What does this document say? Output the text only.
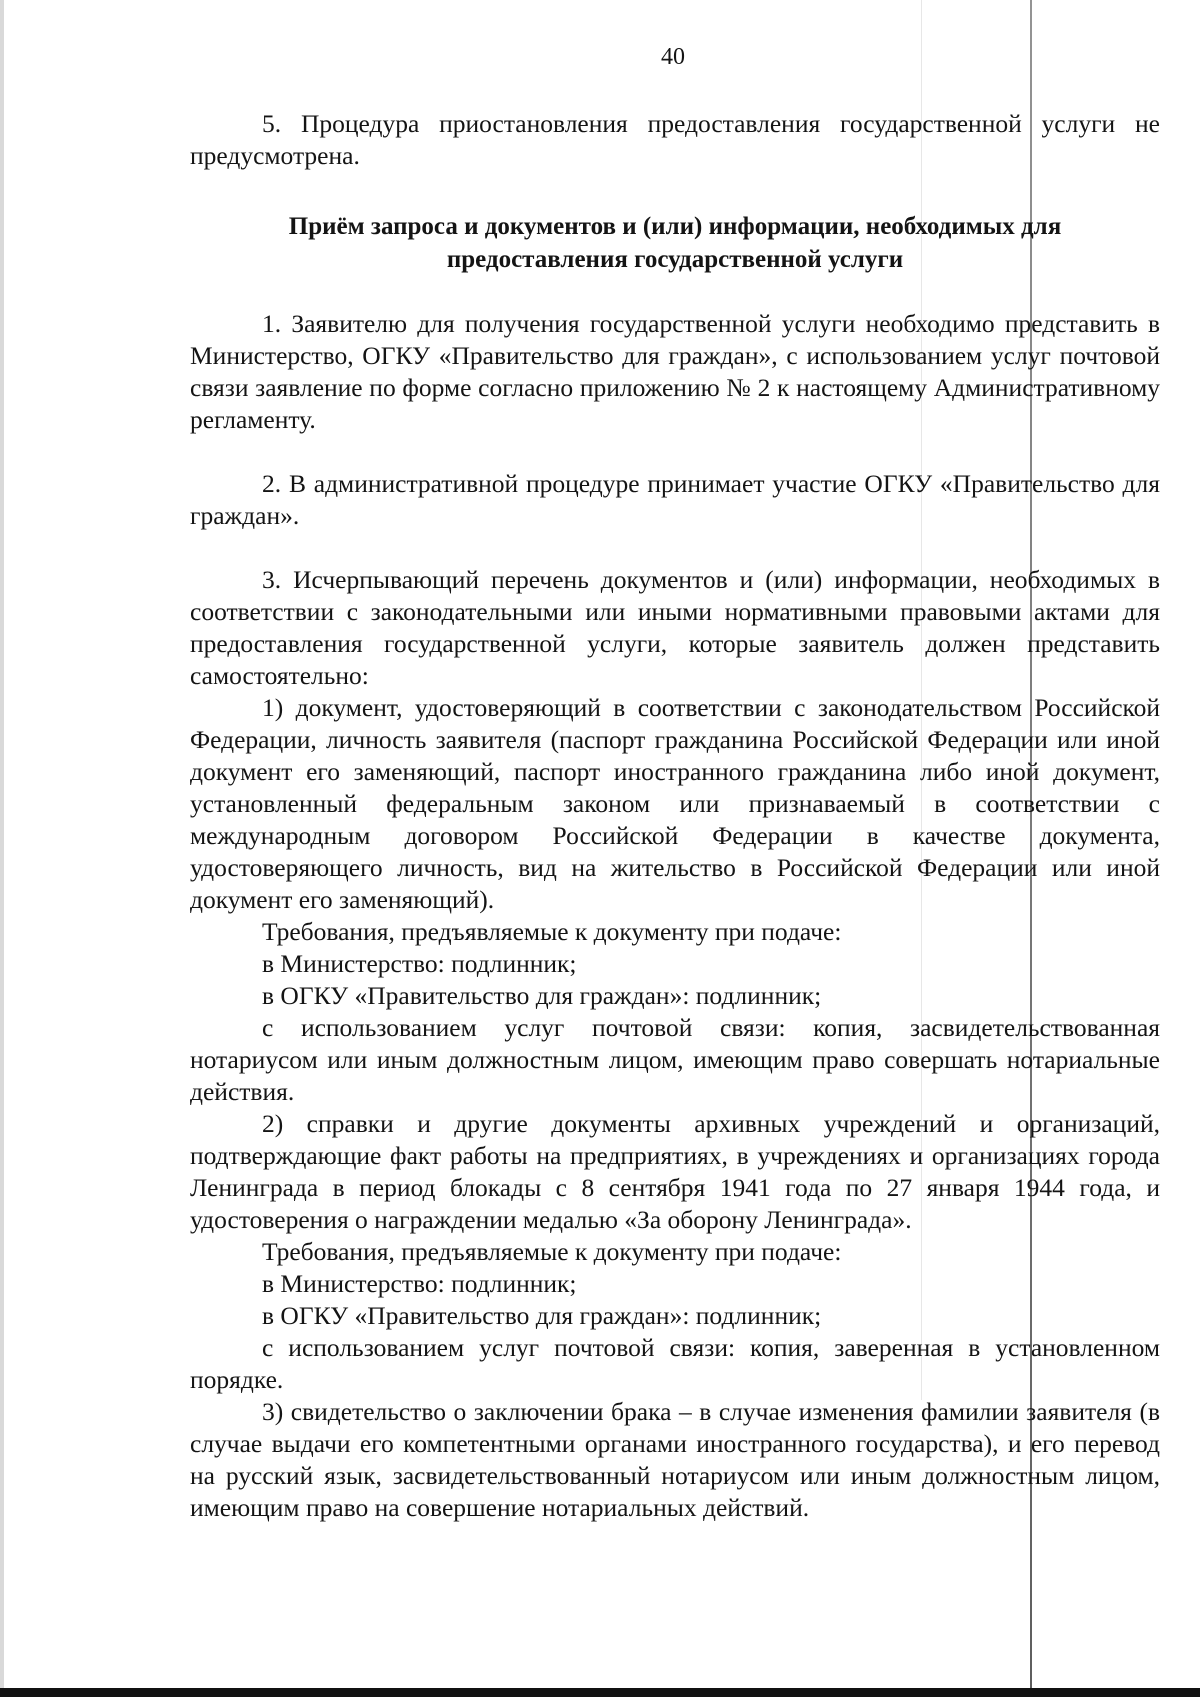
40

5. Процедура приостановления предоставления государственной услуги не предусмотрена.

Приём запроса и документов и (или) информации, необходимых для предоставления государственной услуги

1. Заявителю для получения государственной услуги необходимо представить в Министерство, ОГКУ «Правительство для граждан», с использованием услуг почтовой связи заявление по форме согласно приложению № 2 к настоящему Административному регламенту.

2. В административной процедуре принимает участие ОГКУ «Правительство для граждан».

3. Исчерпывающий перечень документов и (или) информации, необходимых в соответствии с законодательными или иными нормативными правовыми актами для предоставления государственной услуги, которые заявитель должен представить самостоятельно:

1) документ, удостоверяющий в соответствии с законодательством Российской Федерации, личность заявителя (паспорт гражданина Российской Федерации или иной документ его заменяющий, паспорт иностранного гражданина либо иной документ, установленный федеральным законом или признаваемый в соответствии с международным договором Российской Федерации в качестве документа, удостоверяющего личность, вид на жительство в Российской Федерации или иной документ его заменяющий).

Требования, предъявляемые к документу при подаче:

в Министерство: подлинник;

в ОГКУ «Правительство для граждан»: подлинник;

с использованием услуг почтовой связи: копия, засвидетельствованная нотариусом или иным должностным лицом, имеющим право совершать нотариальные действия.

2) справки и другие документы архивных учреждений и организаций, подтверждающие факт работы на предприятиях, в учреждениях и организациях города Ленинграда в период блокады с 8 сентября 1941 года по 27 января 1944 года, и удостоверения о награждении медалью «За оборону Ленинграда».

Требования, предъявляемые к документу при подаче:

в Министерство: подлинник;

в ОГКУ «Правительство для граждан»: подлинник;

с использованием услуг почтовой связи: копия, заверенная в установленном порядке.

3) свидетельство о заключении брака – в случае изменения фамилии заявителя (в случае выдачи его компетентными органами иностранного государства), и его перевод на русский язык, засвидетельствованный нотариусом или иным должностным лицом, имеющим право на совершение нотариальных действий.
